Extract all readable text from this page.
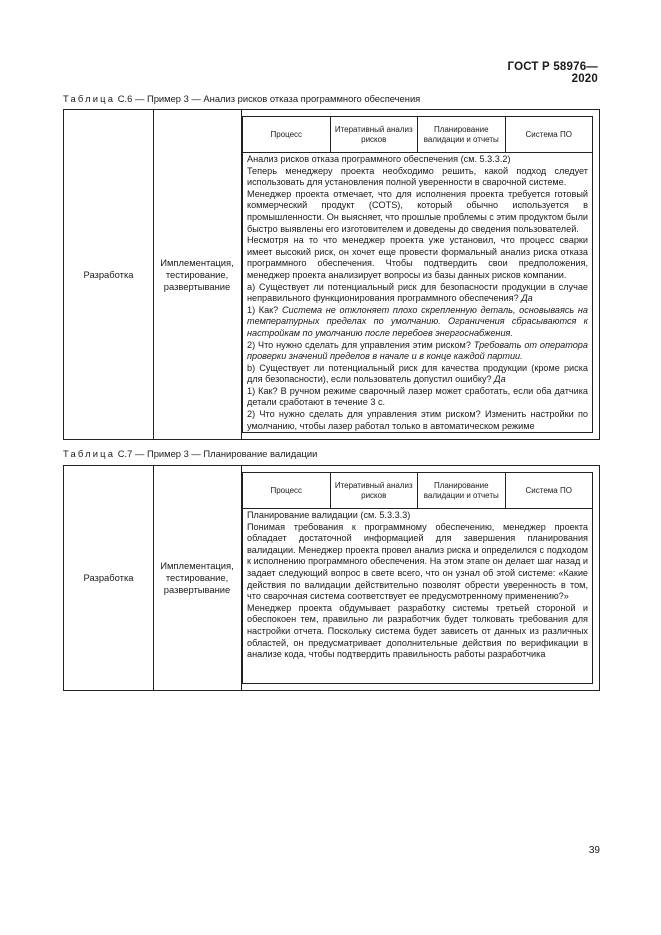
ГОСТ Р 58976—2020
Таблица С.6 — Пример 3 — Анализ рисков отказа программного обеспечения
Разработка
Имплементация, тестирование, развертывание
Процесс
Итеративный анализ рисков
Планирование валидации и отчеты
Система ПО

Анализ рисков отказа программного обеспечения (см. 5.3.3.2)

Теперь менеджеру проекта необходимо решить, какой подход следует использовать для установления полной уверенности в сварочной системе.

Менеджер проекта отмечает, что для исполнения проекта требуется готовый коммерческий продукт (COTS), который обычно используется в промышленности. Он выясняет, что прошлые проблемы с этим продуктом были быстро выявлены его изготовителем и доведены до сведения пользователей.

Несмотря на то что менеджер проекта уже установил, что процесс сварки имеет высокий риск, он хочет еще провести формальный анализ риска отказа программного обеспечения. Чтобы подтвердить свои предположения, менеджер проекта анализирует вопросы из базы данных рисков компании.

a) Существует ли потенциальный риск для безопасности продукции в случае неправильного функционирования программного обеспечения? Да

1) Как? Система не отклоняет плохо скрепленную деталь, основываясь на температурных пределах по умолчанию. Ограничения сбрасываются к настройкам по умолчанию после перебоев энергоснабжения.

2) Что нужно сделать для управления этим риском? Требовать от оператора проверки значений пределов в начале и в конце каждой партии.

b) Существует ли потенциальный риск для качества продукции (кроме риска для безопасности), если пользователь допустил ошибку? Да

1) Как? В ручном режиме сварочный лазер может сработать, если оба датчика детали сработают в течение 3 с.

2) Что нужно сделать для управления этим риском? Изменить настройки по умолчанию, чтобы лазер работал только в автоматическом режиме

Таблица С.7 — Пример 3 — Планирование валидации
Разработка
Имплементация, тестирование, развертывание
Процесс
Итеративный анализ рисков
Планирование валидации и отчеты
Система ПО

Планирование валидации (см. 5.3.3.3)

Понимая требования к программному обеспечению, менеджер проекта обладает достаточной информацией для завершения планирования валидации. Менеджер проекта провел анализ риска и определился с подходом к исполнению программного обеспечения. На этом этапе он делает шаг назад и задает следующий вопрос в свете всего, что он узнал об этой системе: «Какие действия по валидации действительно позволят обрести уверенность в том, что сварочная система соответствует ее предусмотренному применению?»

Менеджер проекта обдумывает разработку системы третьей стороной и обеспокоен тем, правильно ли разработчик будет толковать требования для настройки отчета. Поскольку система будет зависеть от данных из различных областей, он предусматривает дополнительные действия по верификации в анализе кода, чтобы подтвердить правильность работы разработчика

39
